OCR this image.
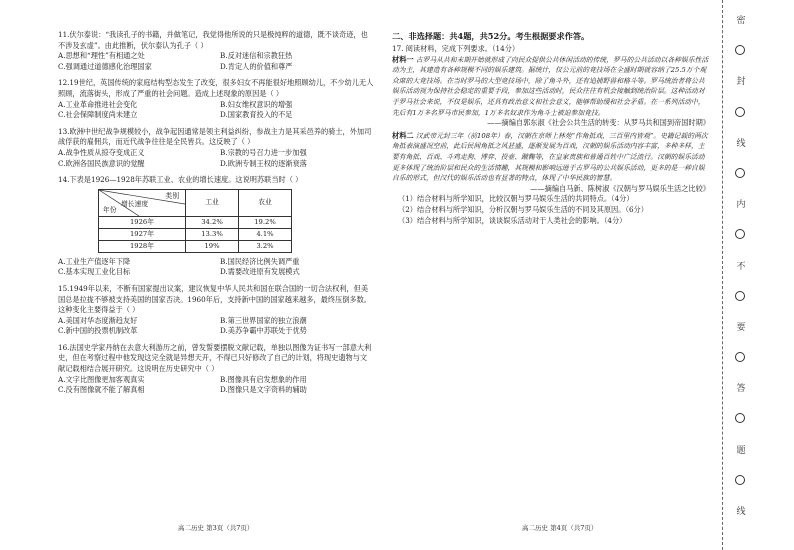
11.伏尔泰说：“我读孔子的书籍，并做笔记，我觉得他所说的只是极纯粹的道德，既不谈奇迹，也不涉及玄虚”。由此推断，伏尔泰认为孔子（ ）

A.思想和“理性”有相通之处	B.反对迷信和宗教狂热
C.强调通过道德感化治理国家	D.肯定人的价值和尊严

12.19世纪，英国传统的家庭结构型态发生了改变，很多妇女不再能很好地照顾幼儿，不少幼儿无人照顾，流落街头，形成了严重的社会问题。造成上述现象的原因是（ ）

A.工业革命推进社会变化	B.妇女维权意识的增强
C.社会保障制度尚未建立	D.国家教育投入的不足

13.欧洲中世纪战争规模较小，战争起因通常是领主利益纠纷，参战主力是其采邑养的骑士，外加司战俘获的雇佣兵，而近代战争往往是全民皆兵。这反映了（ ）

A.战争性质从掠夺变成正义	B.宗教的号召力进一步加强
C.欧洲各国民族意识的觉醒	D.欧洲专制王权的逐渐衰落

14.下表是1926—1928年苏联工业、农业的增长速度。这说明苏联当时（ ）

类别
增长速度
年份	工业	农业
1926年	34.2%	19.2%
1927年	13.3%	4.1%
1928年	19%	3.2%
A.工业生产值逐年下降	B.国民经济比例失调严重
C.基本实现工业化目标	D.需要改进原有发展模式

15.1949年以来，不断有国家提出议案，建议恢复中华人民共和国在联合国的一切合法权利，但美国总是拉拢不够被支持美国的国家否决。1960年后，支持新中国的国家越来越多，最终压倒多数。这种变化主要得益于（ ）

A.美国对华态度渐趋友好	B.第三世界国家的独立浪潮
C.新中国的投票机制改革	D.美苏争霸中苏联处于优势

16.法国史学家丹纳在去意大利游历之前，曾发誓要摆脱文献记载，单独以图像为证书写一部意大利史，但在考察过程中他发现这完全就是异想天开，不得已只好修改了自己的计划，将现史遗物与文献记载相结合展开研究。这说明在历史研究中（ ）

A.文字比图像更加客观真实	B.图像具有启发想象的作用
C.没有图像就不能了解真相	D.图像只是文字资料的辅助
高二历史 第3页（共7页）

二、非选择题：共4题，共52分。考生根据要求作答。

17. 阅读材料，完成下列要求。（14分）

材料一 古罗马从共和末期开始就形成了向民众提供公共休闲活动的传统，罗马的公共活动以各种娱乐性活动为主，其建造有各种规模不同的娱乐建筑。据统计，仅公元前的竞技场在全盛时期就容纳了25.5万个观众席的大竞技场。在当时罗马的大型竞技场中，除了角斗外，还有追捕野兽和格斗等。罗马统治者将公共娱乐活动视为保持社会稳定的重要手段，参加这些活动时，民众往往有机会接触到统治阶层。这种活动对于罗马社会来说，不仅是娱乐，还具有政治意义和社会意义，能够帮助缓和社会矛盾。在一系列活动中，先后有1万多名罗马市民参加，1万多名奴隶作为角斗士被迫参加竞技。

——摘编自郭东淑《社会公共生活的转变：从罗马共和国到帝国时期》

材料二 汉武帝元封三年（前108年）春，汉朝在京师上林苑“作角抵戏，三百里内皆观”。史籍记载的两次角抵表演盛况空前，此后民间角抵之风甚盛，逐渐发展为百戏，汉朝的娱乐活动内容丰富，多种多样，主要有角抵、百戏、斗鸡走狗、博弈、投壶、蹴鞠等，在皇家贵族和普通百姓中广泛流行。汉朝的娱乐活动更多体现了统治阶层和民众的生活情趣，其规模和影响远逊于古罗马的公共娱乐活动，更多的是一种自娱自乐的形式，但汉代的娱乐活动也有显著的特点，体现了中华民族的智慧。

——摘编自马新、陈树淑《汉朝与罗马娱乐生活之比较》

（1）结合材料与所学知识，比较汉朝与罗马娱乐生活的共同特点。（4分）

（2）结合材料与所学知识，分析汉朝与罗马娱乐生活的不同及其原因。（6分）

（3）结合材料与所学知识，谈谈娱乐活动对于人类社会的影响。（4分）

高二历史 第4页（共7页）
密
封
线
内
不
要
答
题
线
